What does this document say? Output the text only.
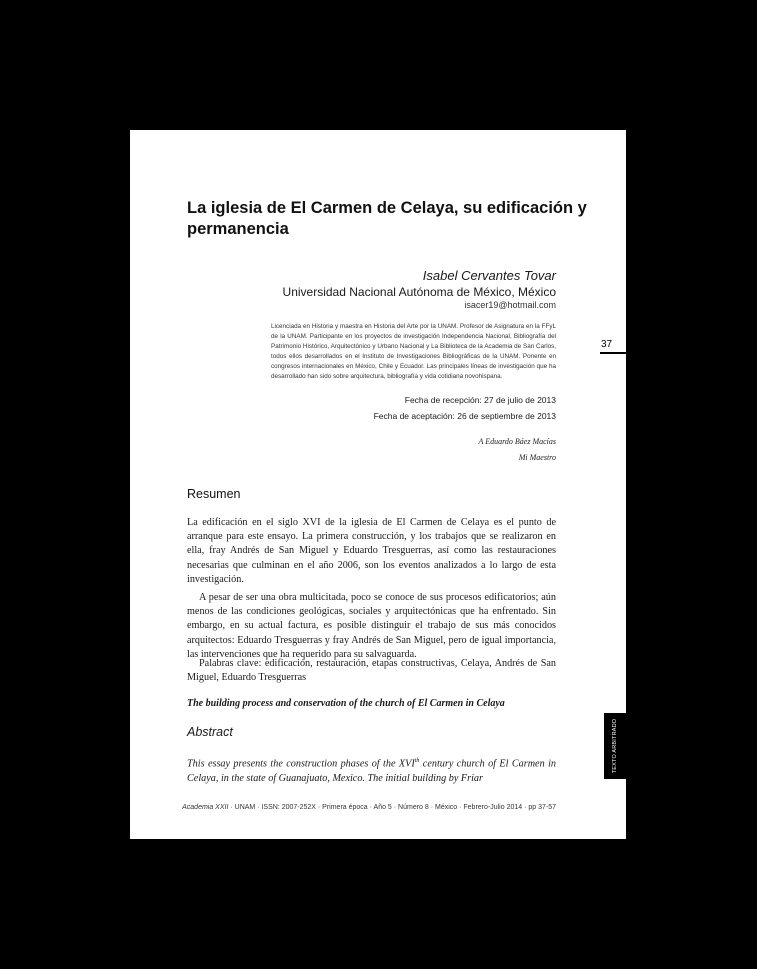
La iglesia de El Carmen de Celaya, su edificación y permanencia
Isabel Cervantes Tovar
Universidad Nacional Autónoma de México, México
isacer19@hotmail.com
Licenciada en Historia y maestra en Historia del Arte por la UNAM. Profesor de Asignatura en la FFyL de la UNAM. Participante en los proyectos de investigación Independencia Nacional, Bibliografía del Patrimonio Histórico, Arquitectónico y Urbano Nacional y La Biblioteca de la Academia de San Carlos, todos ellos desarrollados en el Instituto de Investigaciones Bibliográficas de la UNAM. Ponente en congresos internacionales en México, Chile y Ecuador. Las principales líneas de investigación que ha desarrollado han sido sobre arquitectura, bibliografía y vida cotidiana novohispana.
Fecha de recepción: 27 de julio de 2013
Fecha de aceptación: 26 de septiembre de 2013
A Eduardo Báez Macías
Mi Maestro
Resumen

La edificación en el siglo XVI de la iglesia de El Carmen de Celaya es el punto de arranque para este ensayo. La primera construcción, y los trabajos que se realizaron en ella, fray Andrés de San Miguel y Eduardo Tresguerras, así como las restauraciones necesarias que culminan en el año 2006, son los eventos analizados a lo largo de esta investigación.

A pesar de ser una obra multicitada, poco se conoce de sus procesos edificatorios; aún menos de las condiciones geológicas, sociales y arquitectónicas que ha enfrentado. Sin embargo, en su actual factura, es posible distinguir el trabajo de sus más conocidos arquitectos: Eduardo Tresguerras y fray Andrés de San Miguel, pero de igual importancia, las intervenciones que ha requerido para su salvaguarda.

Palabras clave: edificación, restauración, etapas constructivas, Celaya, Andrés de San Miguel, Eduardo Tresguerras

The building process and conservation of the church of El Carmen in Celaya
Abstract

This essay presents the construction phases of the XVIth century church of El Carmen in Celaya, in the state of Guanajuato, Mexico. The initial building by Friar

Academia XXII · UNAM · ISSN: 2007-252X · Primera época · Año 5 · Número 8 · México · Febrero-Julio 2014 · pp 37-57
37
TEXTO ARBITRADO
